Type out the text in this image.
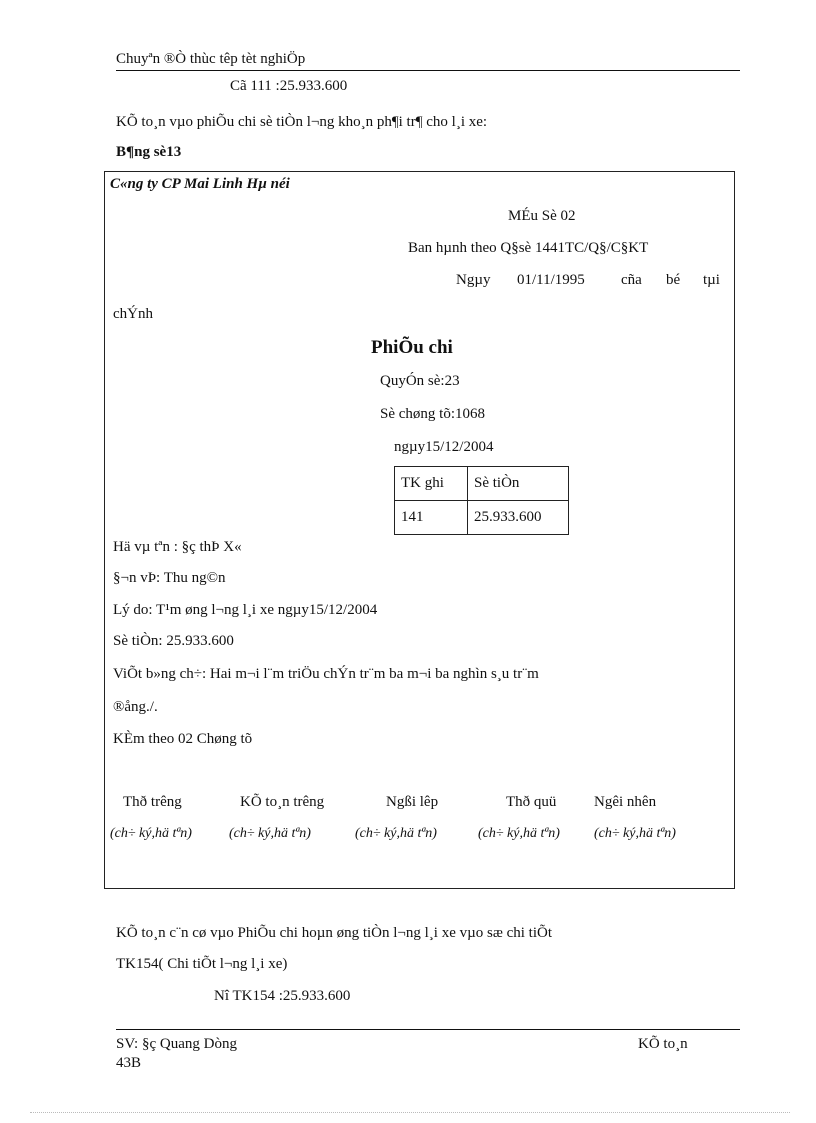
Chuyªn ®Ò thùc têp tèt nghiÖp
Cã 111 :25.933.600
KÕ to¸n vµo phiÕu chi sè tiÒn l¬ng kho¸n ph¶i tr¶ cho l¸i xe:
B¶ng sè13
C«ng ty CP Mai Linh Hµ néi
MÉu Sè 02
Ban hµnh theo Q§sè 1441TC/Q§/C§KT
Ngµy 01/11/1995 cña bé tµi
chÝnh
PhiÕu chi
QuyÓn sè:23
Sè chøng tõ:1068
ngµy15/12/2004
TK ghi	Sè tiÒn
141	25.933.600
Hä vµ tªn : §ç thÞ X«
§¬n vÞ: Thu ng©n
Lý do: T¹m øng l¬ng l¸i xe ngµy15/12/2004
Sè tiÒn: 25.933.600
ViÕt b»ng ch÷: Hai m¬i l¨m triÖu chÝn tr¨m ba m¬i ba nghìn s¸u tr¨m
®ång./.
KÈm theo 02 Chøng tõ
Thð trêng	KÕ to¸n trêng	Ngßi lêp	Thð quü	Ngêi nhên
(ch÷ ký,hä tªn)	(ch÷ ký,hä tªn)	(ch÷ ký,hä tªn)	(ch÷ ký,hä tªn) (ch÷ ký,hä tªn)
KÕ to¸n c¨n cø vµo PhiÕu chi hoµn øng tiÒn l¬ng l¸i xe vµo sæ chi tiÕt
TK154( Chi tiÕt l¬ng l¸i xe)
Nî TK154 :25.933.600
SV: §ç Quang Dòng
43B
KÕ to¸n
